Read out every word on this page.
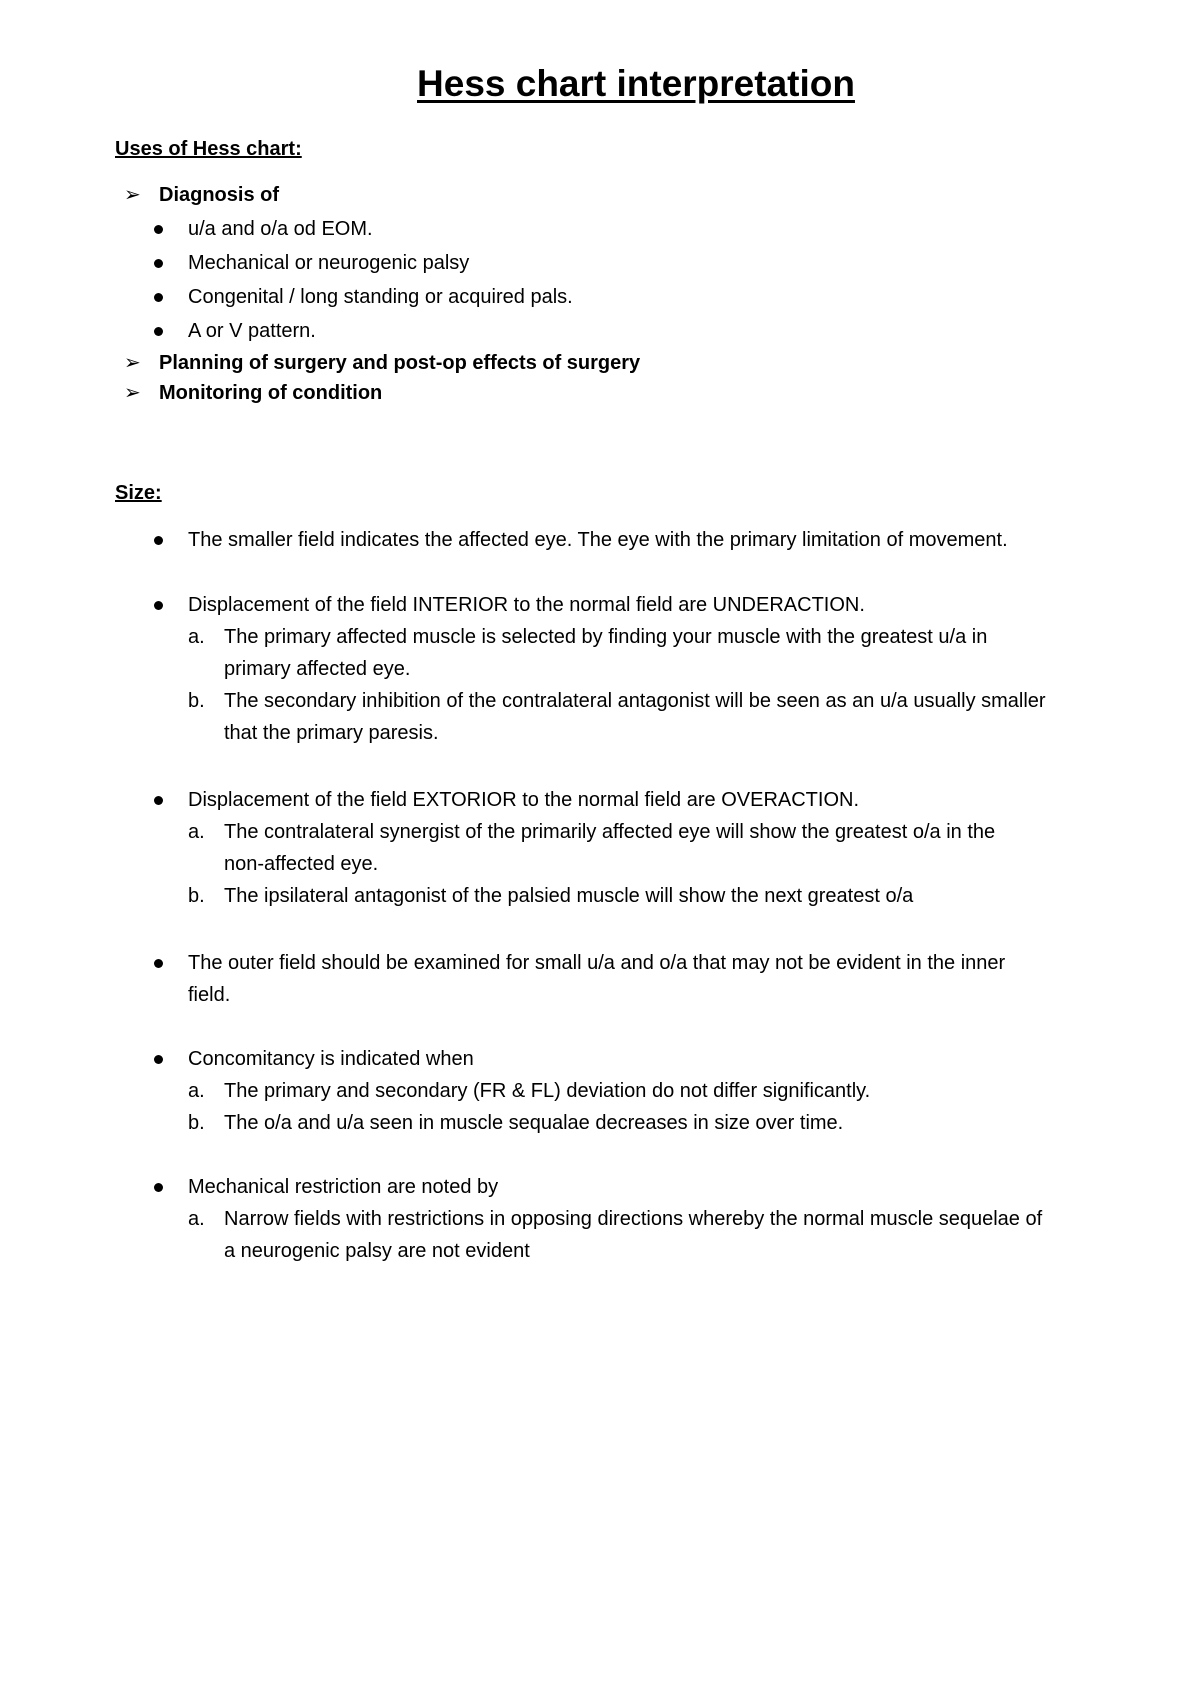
Hess chart interpretation
Uses of Hess chart:
➢ Diagnosis of
u/a and o/a od EOM.
Mechanical or neurogenic palsy
Congenital / long standing or acquired pals.
A or V pattern.
➢ Planning of surgery and post-op effects of surgery
➢ Monitoring of condition
Size:
The smaller field indicates the affected eye. The eye with the primary limitation of movement.
Displacement of the field INTERIOR to the normal field are UNDERACTION.
a. The primary affected muscle is selected by finding your muscle with the greatest u/a in
primary affected eye.
b. The secondary inhibition of the contralateral antagonist will be seen as an u/a usually smaller
that the primary paresis.
Displacement of the field EXTORIOR to the normal field are OVERACTION.
a. The contralateral synergist of the primarily affected eye will show the greatest o/a in the
non-affected eye.
b. The ipsilateral antagonist of the palsied muscle will show the next greatest o/a
The outer field should be examined for small u/a and o/a that may not be evident in the inner
field.
Concomitancy is indicated when
a. The primary and secondary (FR & FL) deviation do not differ significantly.
b. The o/a and u/a seen in muscle sequalae decreases in size over time.
Mechanical restriction are noted by
a. Narrow fields with restrictions in opposing directions whereby the normal muscle sequelae of
a neurogenic palsy are not evident
